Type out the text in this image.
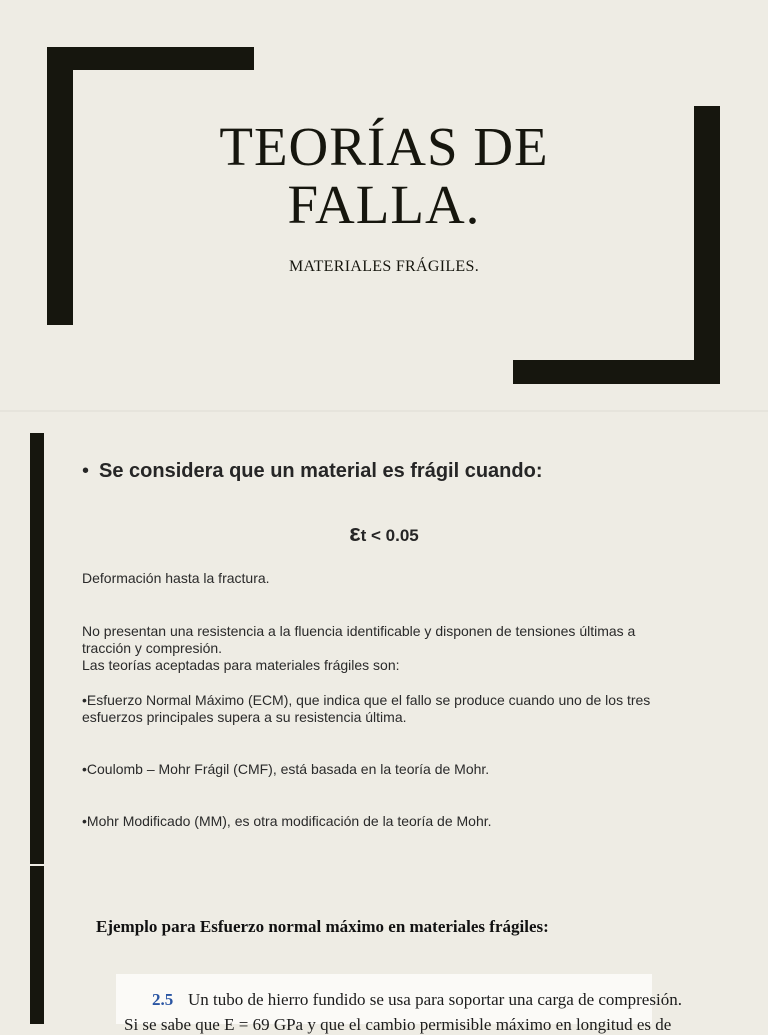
TEORÍAS DE
FALLA.
MATERIALES FRÁGILES.
• Se considera que un material es frágil cuando:
εt < 0.05
Deformación hasta la fractura.
No presentan una resistencia a la fluencia identificable y disponen de tensiones últimas a tracción y compresión.
Las teorías aceptadas para materiales frágiles son:
•Esfuerzo Normal Máximo (ECM), que indica que el fallo se produce cuando uno de los tres esfuerzos principales supera a su resistencia última.
•Coulomb – Mohr Frágil (CMF), está basada en la teoría de Mohr.
•Mohr Modificado (MM), es otra modificación de la teoría de Mohr.
Ejemplo para Esfuerzo normal máximo en materiales frágiles:
2.5 Un tubo de hierro fundido se usa para soportar una carga de compresión.
Si se sabe que E = 69 GPa y que el cambio permisible máximo en longitud es de
